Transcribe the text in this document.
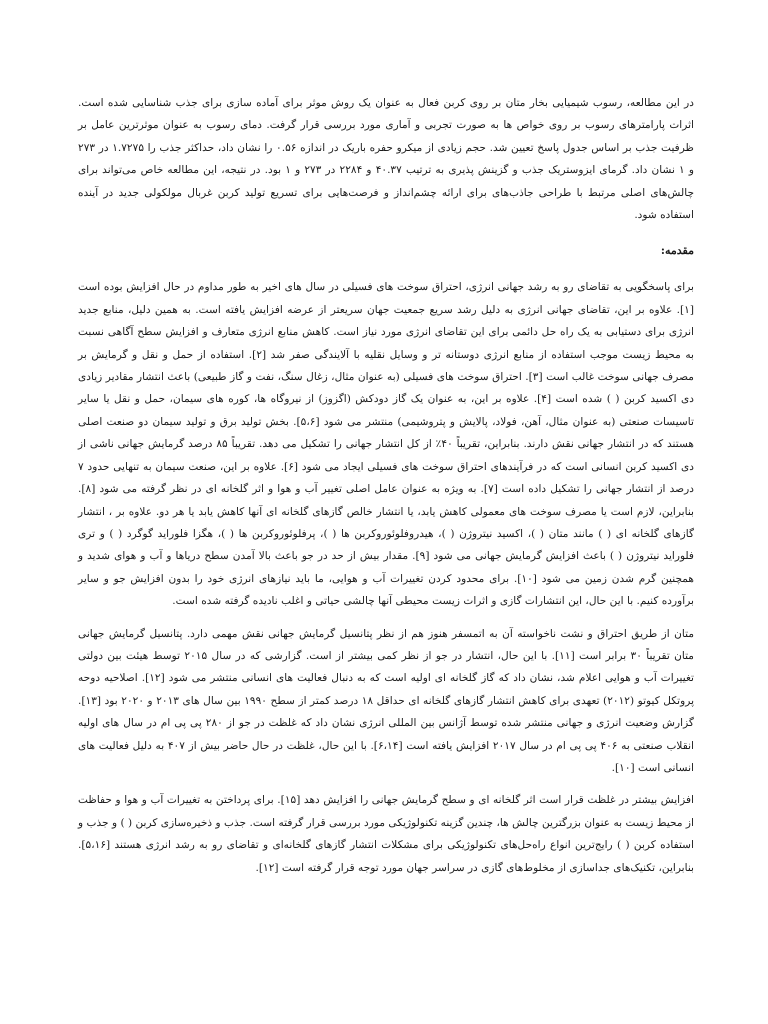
در این مطالعه، رسوب شیمیایی بخار متان بر روی کربن فعال به عنوان یک روش موثر برای آماده سازی برای جذب شناسایی شده است. اثرات پارامترهای رسوب بر روی خواص ها به صورت تجربی و آماری مورد بررسی قرار گرفت. دمای رسوب به عنوان موثرترین عامل بر ظرفیت جذب بر اساس جدول پاسخ تعیین شد. حجم زیادی از میکرو حفره باریک در اندازه ۰.۵۶ را نشان داد، حداکثر جذب را ۱.۷۲۷۵ در ۲۷۳ و ۱ نشان داد. گرمای ایزوستریک جذب و گزینش پذیری به ترتیب ۴۰.۳۷ و ۲۲۸۴ در ۲۷۳ و ۱ بود. در نتیجه، این مطالعه خاص می‌تواند برای چالش‌های اصلی مرتبط با طراحی جاذب‌های برای ارائه چشم‌انداز و فرصت‌هایی برای تسریع تولید کربن غربال مولکولی جدید در آینده استفاده شود.

مقدمه:

برای پاسخگویی به تقاضای رو به رشد جهانی انرژی، احتراق سوخت های فسیلی در سال های اخیر به طور مداوم در حال افزایش بوده است [۱]. علاوه بر این، تقاضای جهانی انرژی به دلیل رشد سریع جمعیت جهان سریعتر از عرضه افزایش یافته است. به همین دلیل، منابع جدید انرژی برای دستیابی به یک راه حل دائمی برای این تقاضای انرژی مورد نیاز است. کاهش منابع انرژی متعارف و افزایش سطح آگاهی نسبت به محیط زیست موجب استفاده از منابع انرژی دوستانه تر و وسایل نقلیه با آلایندگی صفر شد [۲]. استفاده از حمل و نقل و گرمایش بر مصرف جهانی سوخت غالب است [۳]. احتراق سوخت های فسیلی (به عنوان مثال، زغال سنگ، نفت و گاز طبیعی) باعث انتشار مقادیر زیادی دی اکسید کربن ( ) شده است [۴]. علاوه بر این، به عنوان یک گاز دودکش (اگزوز) از نیروگاه ها، کوره های سیمان، حمل و نقل یا سایر تاسیسات صنعتی (به عنوان مثال، آهن، فولاد، پالایش و پتروشیمی) منتشر می شود [۵،۶]. بخش تولید برق و تولید سیمان دو صنعت اصلی هستند که در انتشار جهانی نقش دارند. بنابراین، تقریباً ۴۰٪ از کل انتشار جهانی را تشکیل می دهد. تقریباً ۸۵ درصد گرمایش جهانی ناشی از دی اکسید کربن انسانی است که در فرآیندهای احتراق سوخت های فسیلی ایجاد می شود [۶]. علاوه بر این، صنعت سیمان به تنهایی حدود ۷ درصد از انتشار جهانی را تشکیل داده است [۷]. به ویژه به عنوان عامل اصلی تغییر آب و هوا و اثر گلخانه ای در نظر گرفته می شود [۸]. بنابراین، لازم است یا مصرف سوخت های معمولی کاهش یابد، یا انتشار خالص گازهای گلخانه ای آنها کاهش یابد یا هر دو. علاوه بر ، انتشار گازهای گلخانه ای ( ) مانند متان ( )، اکسید نیتروژن ( )، هیدروفلوئوروکربن ها ( )، پرفلوئوروکربن ها ( )، هگزا فلوراید گوگرد ( ) و تری فلوراید نیتروژن ( ) باعث افزایش گرمایش جهانی می شود [۹]. مقدار بیش از حد در جو باعث بالا آمدن سطح دریاها و آب و هوای شدید و همچنین گرم شدن زمین می شود [۱۰]. برای محدود کردن تغییرات آب و هوایی، ما باید نیازهای انرژی خود را بدون افزایش جو و سایر برآورده کنیم. با این حال، این انتشارات گازی و اثرات زیست محیطی آنها چالشی حیاتی و اغلب نادیده گرفته شده است.

متان از طریق احتراق و نشت ناخواسته آن به اتمسفر هنوز هم از نظر پتانسیل گرمایش جهانی نقش مهمی دارد. پتانسیل گرمایش جهانی متان تقریباً ۳۰ برابر است [۱۱]. با این حال، انتشار در جو از نظر کمی بیشتر از است. گزارشی که در سال ۲۰۱۵ توسط هیئت بین دولتی تغییرات آب و هوایی اعلام شد، نشان داد که گاز گلخانه ای اولیه است که به دنبال فعالیت های انسانی منتشر می شود [۱۲]. اصلاحیه دوحه پروتکل کیوتو (۲۰۱۲) تعهدی برای کاهش انتشار گازهای گلخانه ای حداقل ۱۸ درصد کمتر از سطح ۱۹۹۰ بین سال های ۲۰۱۳ و ۲۰۲۰ بود [۱۳]. گزارش وضعیت انرژی و جهانی منتشر شده توسط آژانس بین المللی انرژی نشان داد که غلظت در جو از ۲۸۰ پی پی ام در سال های اولیه انقلاب صنعتی به ۴۰۶ پی پی ام در سال ۲۰۱۷ افزایش یافته است [۶،۱۴]. با این حال، غلظت در حال حاضر بیش از ۴۰۷ به دلیل فعالیت های انسانی است [۱۰].

افزایش بیشتر در غلظت قرار است اثر گلخانه ای و سطح گرمایش جهانی را افزایش دهد [۱۵]. برای پرداختن به تغییرات آب و هوا و حفاظت از محیط زیست به عنوان بزرگترین چالش ها، چندین گزینه تکنولوژیکی مورد بررسی قرار گرفته است. جذب و ذخیره‌سازی کربن ( ) و جذب و استفاده کربن ( ) رایج‌ترین انواع راه‌حل‌های تکنولوژیکی برای مشکلات انتشار گازهای گلخانه‌ای و تقاضای رو به رشد انرژی هستند [۵،۱۶]. بنابراین، تکنیک‌های جداسازی از مخلوط‌های گازی در سراسر جهان مورد توجه قرار گرفته است [۱۲].
